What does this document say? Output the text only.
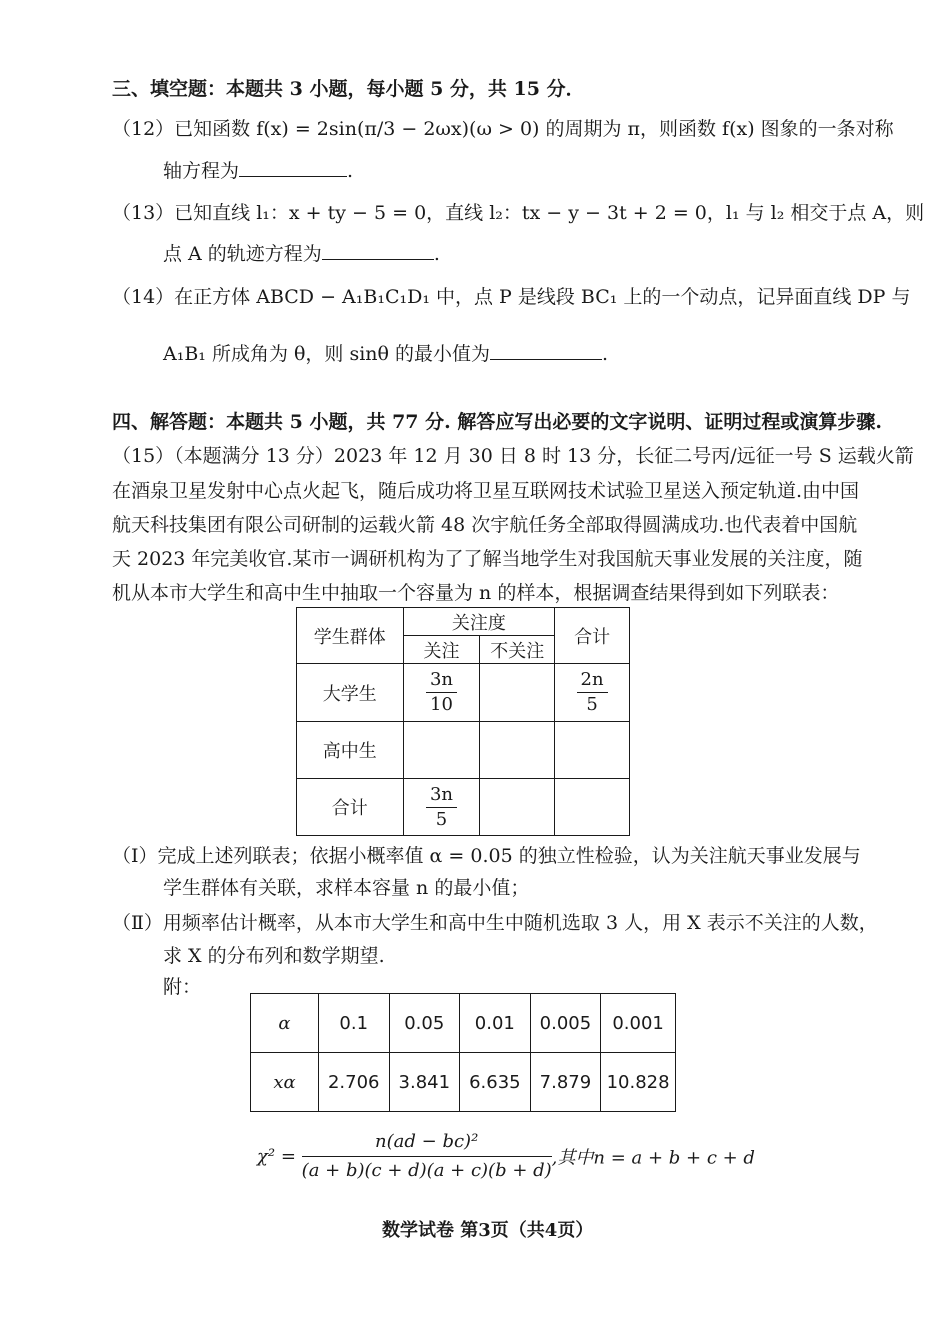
三、填空题：本题共 3 小题，每小题 5 分，共 15 分．
（12）已知函数 f(x) = 2sin(π/3 − 2ωx)(ω > 0) 的周期为 π，则函数 f(x) 图象的一条对称
轴方程为	.
（13）已知直线 l₁：x + ty − 5 = 0，直线 l₂：tx − y − 3t + 2 = 0，l₁ 与 l₂ 相交于点 A，则
点 A 的轨迹方程为	.
（14）在正方体 ABCD − A₁B₁C₁D₁ 中，点 P 是线段 BC₁ 上的一个动点，记异面直线 DP 与
A₁B₁ 所成角为 θ，则 sinθ 的最小值为	.
四、解答题：本题共 5 小题，共 77 分. 解答应写出必要的文字说明、证明过程或演算步骤.
（15）（本题满分 13 分）2023 年 12 月 30 日 8 时 13 分，长征二号丙/远征一号 S 运载火箭
在酒泉卫星发射中心点火起飞，随后成功将卫星互联网技术试验卫星送入预定轨道.由中国
航天科技集团有限公司研制的运载火箭 48 次宇航任务全部取得圆满成功.也代表着中国航
天 2023 年完美收官.某市一调研机构为了了解当地学生对我国航天事业发展的关注度，随
机从本市大学生和高中生中抽取一个容量为 n 的样本，根据调查结果得到如下列联表：
学生群体	关注度		合计
	关注	不关注	
大学生	$\frac{3n}{10}$		$\frac{2n}{5}$

高中生			
合计	$\frac{3n}{5}$

（Ⅰ）完成上述列联表；依据小概率值 α = 0.05 的独立性检验，认为关注航天事业发展与
学生群体有关联，求样本容量 n 的最小值；
（Ⅱ）用频率估计概率，从本市大学生和高中生中随机选取 3 人，用 X 表示不关注的人数，
求 X 的分布列和数学期望.
附：
α	0.1	0.05	0.01	0.005	0.001
xα	2.706	3.841	6.635	7.879	10.828
$\chi^2 = \frac{\text{n(ad − bc)²}}{(a + b)(c + d)(a + c)(b + d)}$ ,其中n = a + b + c + d
数学试卷 第3页（共4页）
